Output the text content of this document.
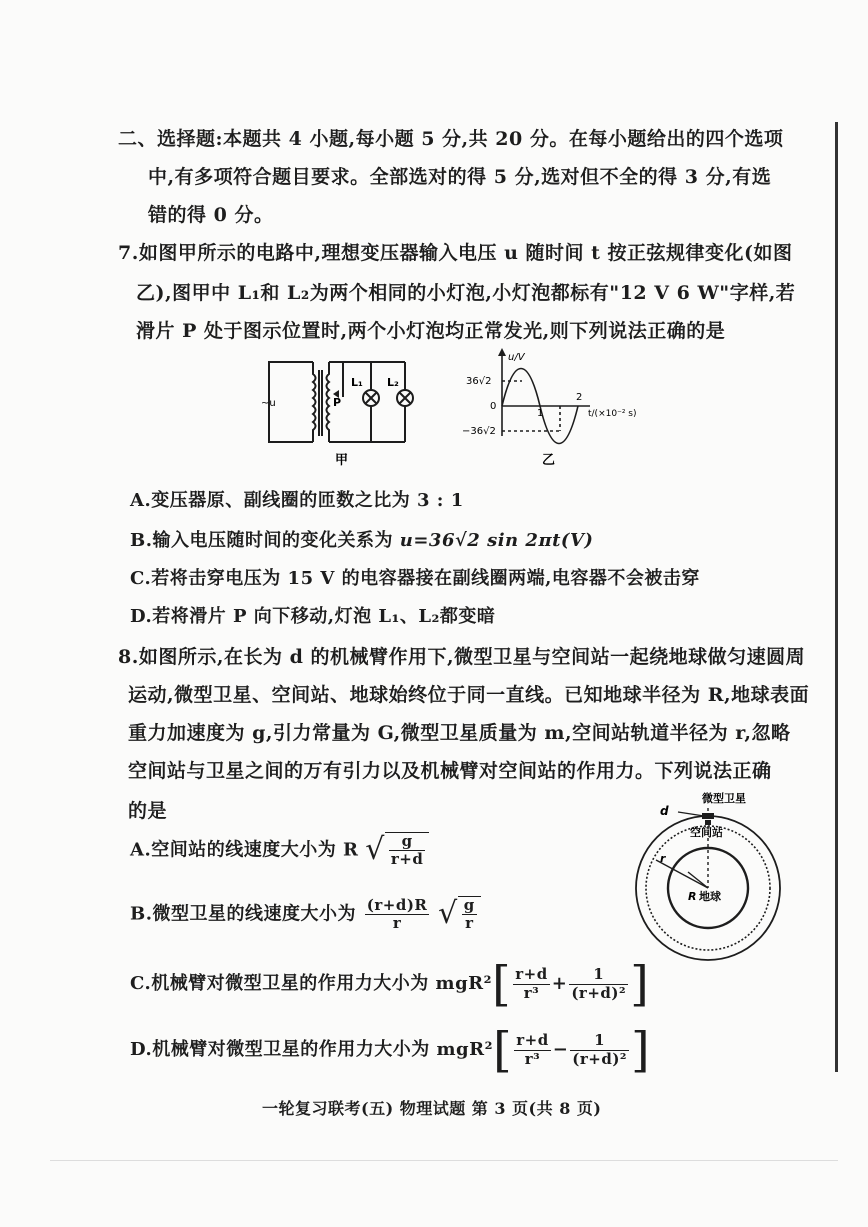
二、选择题:本题共 4 小题,每小题 5 分,共 20 分。在每小题给出的四个选项
中,有多项符合题目要求。全部选对的得 5 分,选对但不全的得 3 分,有选
错的得 0 分。
7.如图甲所示的电路中,理想变压器输入电压 u 随时间 t 按正弦规律变化(如图
乙),图甲中 L₁和 L₂为两个相同的小灯泡,小灯泡都标有"12 V 6 W"字样,若
滑片 P 处于图示位置时,两个小灯泡均正常发光,则下列说法正确的是
~u	P
L₁ L₂
甲
u/V
36√2
0
−36√2
1
2
t/(×10⁻² s)
乙
A.变压器原、副线圈的匝数之比为 3 : 1
B.输入电压随时间的变化关系为 u=36√2 sin 2πt(V)
C.若将击穿电压为 15 V 的电容器接在副线圈两端,电容器不会被击穿
D.若将滑片 P 向下移动,灯泡 L₁、L₂都变暗
8.如图所示,在长为 d 的机械臂作用下,微型卫星与空间站一起绕地球做匀速圆周
运动,微型卫星、空间站、地球始终位于同一直线。已知地球半径为 R,地球表面
重力加速度为 g,引力常量为 G,微型卫星质量为 m,空间站轨道半径为 r,忽略
空间站与卫星之间的万有引力以及机械臂对空间站的作用力。下列说法正确
的是	d
微型卫星
空间站
r
R 地球
A.空间站的线速度大小为 R √ $\frac{g}{r+d}$
B.微型卫星的线速度大小为 $\frac{(r+d)R}{r}$
√ $\frac{g}{r}$
C.机械臂对微型卫星的作用力大小为 $mgR^2[ \frac{r+d}{\text{r³}} + \frac{1}{\text{(r+d)²}}$ ]
D.机械臂对微型卫星的作用力大小为 $mgR^2[ \frac{r+d}{\text{r³}} - \frac{1}{\text{(r+d)²}}$ ]
一轮复习联考(五) 物理试题 第 3 页(共 8 页)
